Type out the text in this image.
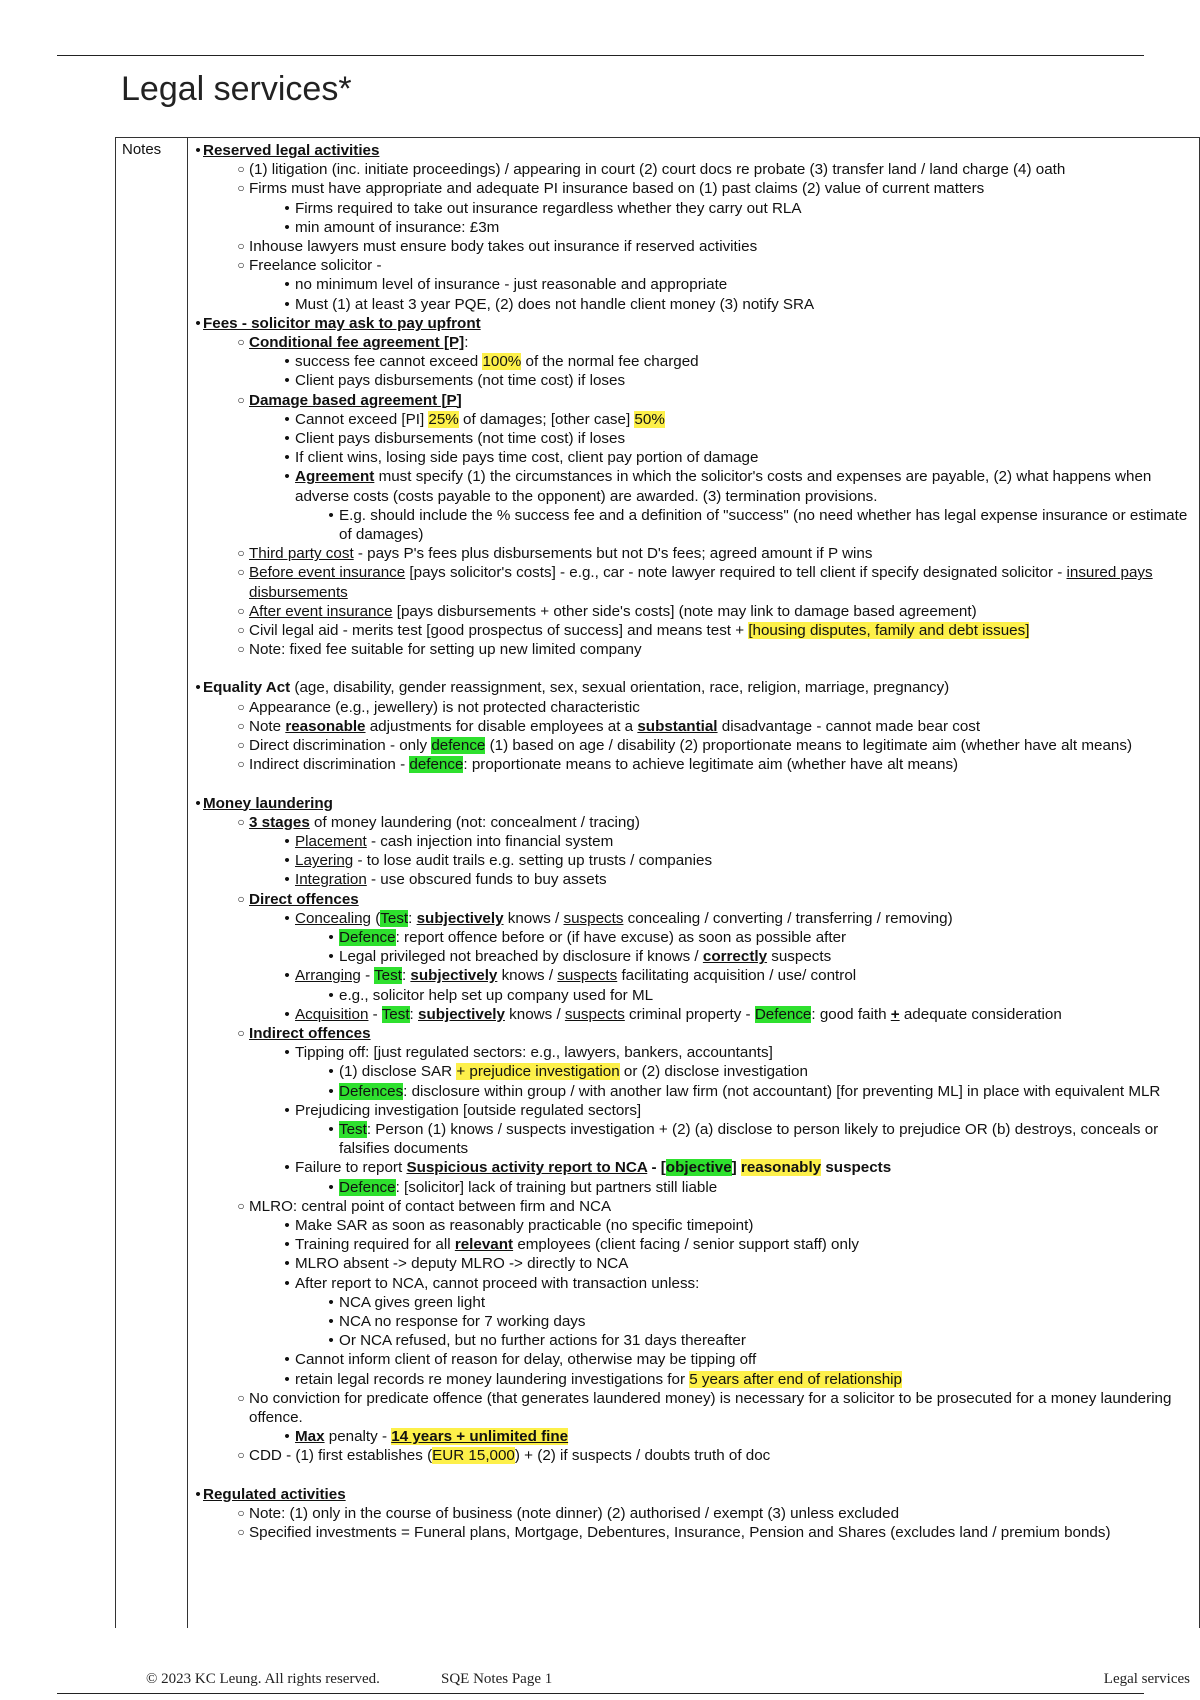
Legal services*
Notes • Reserved legal activities
○ (1) litigation (inc. initiate proceedings) / appearing in court (2) court docs re probate (3) transfer land / land charge (4) oath
○ Firms must have appropriate and adequate PI insurance based on (1) past claims (2) value of current matters
• Firms required to take out insurance regardless whether they carry out RLA
• min amount of insurance: £3m
○ Inhouse lawyers must ensure body takes out insurance if reserved activities
○ Freelance solicitor -
• no minimum level of insurance - just reasonable and appropriate
• Must (1) at least 3 year PQE, (2) does not handle client money (3) notify SRA
• Fees - solicitor may ask to pay upfront
○ Conditional fee agreement [P]:
• success fee cannot exceed 100% of the normal fee charged
• Client pays disbursements (not time cost) if loses
○ Damage based agreement [P]
• Cannot exceed [PI] 25% of damages; [other case] 50%
• Client pays disbursements (not time cost) if loses
• If client wins, losing side pays time cost, client pay portion of damage
• Agreement must specify (1) the circumstances in which the solicitor's costs and expenses are payable, (2) what happens when adverse costs (costs payable to the opponent) are awarded. (3) termination provisions.
• E.g. should include the % success fee and a definition of "success" (no need whether has legal expense insurance or estimate of damages)
○ Third party cost - pays P's fees plus disbursements but not D's fees; agreed amount if P wins
○ Before event insurance [pays solicitor's costs] - e.g., car - note lawyer required to tell client if specify designated solicitor - insured pays disbursements
○ After event insurance [pays disbursements + other side's costs] (note may link to damage based agreement)
○ Civil legal aid - merits test [good prospectus of success] and means test + [housing disputes, family and debt issues]
○ Note: fixed fee suitable for setting up new limited company
• Equality Act (age, disability, gender reassignment, sex, sexual orientation, race, religion, marriage, pregnancy)
○ Appearance (e.g., jewellery) is not protected characteristic
○ Note reasonable adjustments for disable employees at a substantial disadvantage - cannot made bear cost
○ Direct discrimination - only defence (1) based on age / disability (2) proportionate means to legitimate aim (whether have alt means)
○ Indirect discrimination - defence: proportionate means to achieve legitimate aim (whether have alt means)
• Money laundering
○ 3 stages of money laundering (not: concealment / tracing)
• Placement - cash injection into financial system
• Layering - to lose audit trails e.g. setting up trusts / companies
• Integration - use obscured funds to buy assets
○ Direct offences
• Concealing (Test: subjectively knows / suspects concealing / converting / transferring / removing)
• Defence: report offence before or (if have excuse) as soon as possible after
• Legal privileged not breached by disclosure if knows / correctly suspects
• Arranging - Test: subjectively knows / suspects facilitating acquisition / use/ control
• e.g., solicitor help set up company used for ML
• Acquisition - Test: subjectively knows / suspects criminal property - Defence: good faith + adequate consideration
○ Indirect offences
• Tipping off: [just regulated sectors: e.g., lawyers, bankers, accountants]
• (1) disclose SAR + prejudice investigation or (2) disclose investigation
• Defences: disclosure within group / with another law firm (not accountant) [for preventing ML] in place with equivalent MLR
• Prejudicing investigation [outside regulated sectors]
• Test: Person (1) knows / suspects investigation + (2) (a) disclose to person likely to prejudice OR (b) destroys, conceals or falsifies documents
• Failure to report Suspicious activity report to NCA - [objective] reasonably suspects
• Defence: [solicitor] lack of training but partners still liable
○ MLRO: central point of contact between firm and NCA
• Make SAR as soon as reasonably practicable (no specific timepoint)
• Training required for all relevant employees (client facing / senior support staff) only
• MLRO absent -> deputy MLRO -> directly to NCA
• After report to NCA, cannot proceed with transaction unless:
• NCA gives green light
• NCA no response for 7 working days
• Or NCA refused, but no further actions for 31 days thereafter
• Cannot inform client of reason for delay, otherwise may be tipping off
• retain legal records re money laundering investigations for 5 years after end of relationship
○ No conviction for predicate offence (that generates laundered money) is necessary for a solicitor to be prosecuted for a money laundering offence.
• Max penalty - 14 years + unlimited fine
○ CDD - (1) first establishes (EUR 15,000) + (2) if suspects / doubts truth of doc
• Regulated activities
○ Note: (1) only in the course of business (note dinner) (2) authorised / exempt (3) unless excluded
○ Specified investments = Funeral plans, Mortgage, Debentures, Insurance, Pension and Shares (excludes land / premium bonds)
© 2023 KC Leung. All rights reserved.	SQE Notes Page 1	Legal services
